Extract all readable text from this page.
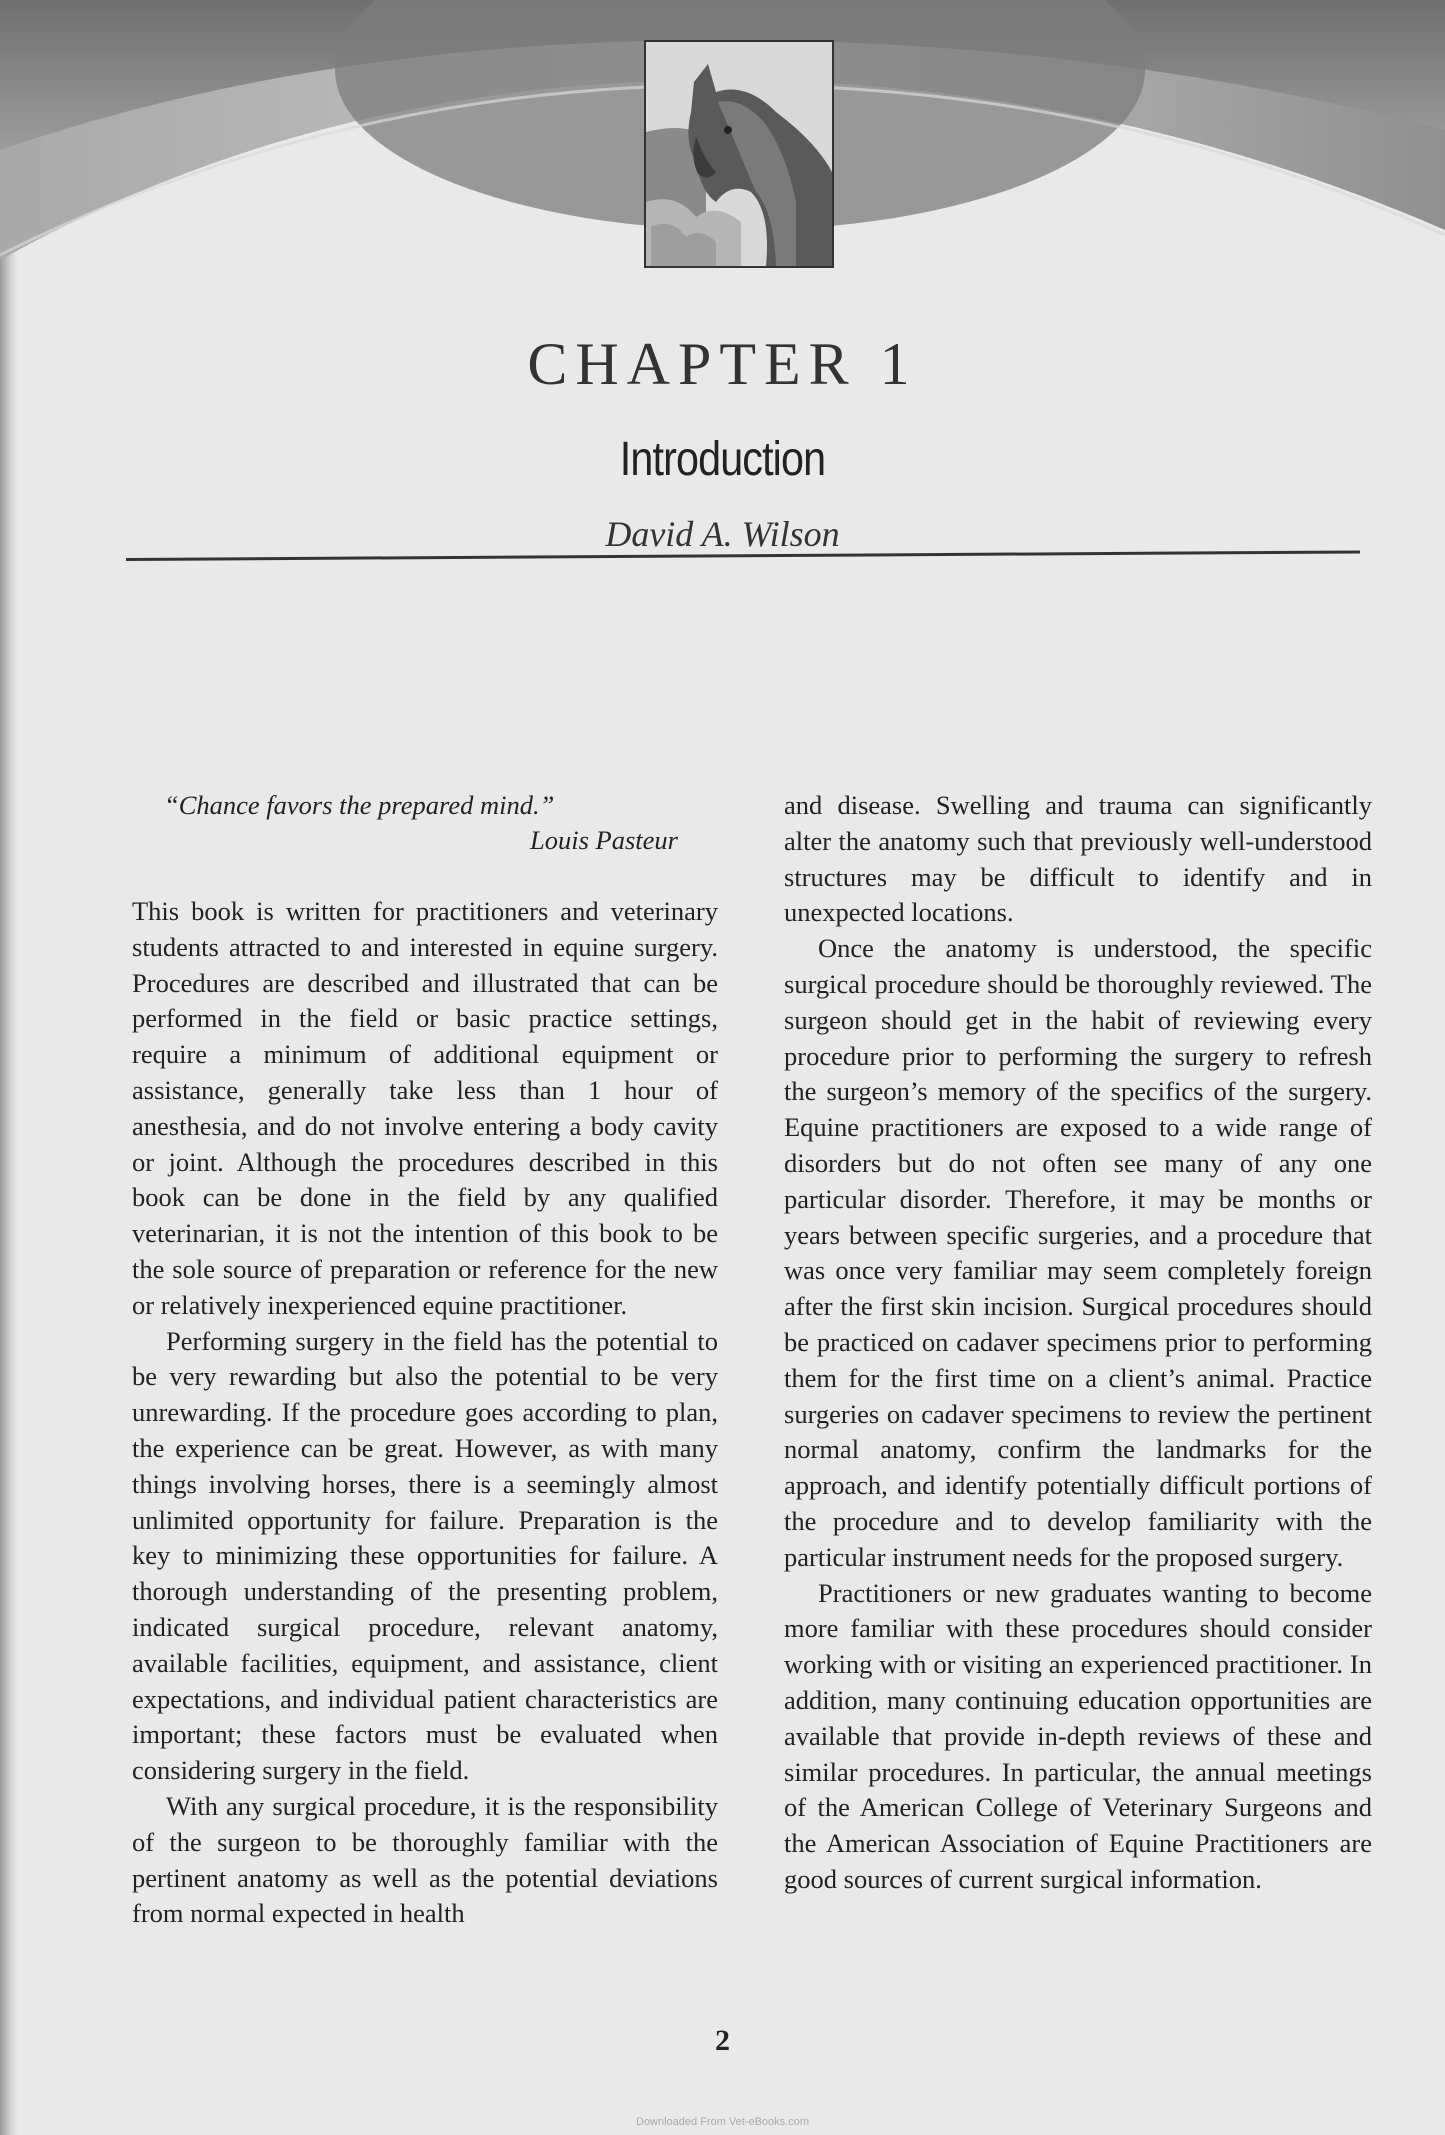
CHAPTER 1
Introduction
David A. Wilson
“Chance favors the prepared mind.”
Louis Pasteur

This book is written for practitioners and veterinary students attracted to and interested in equine surgery. Procedures are described and illustrated that can be performed in the field or basic practice settings, require a minimum of additional equipment or assistance, generally take less than 1 hour of anesthesia, and do not involve entering a body cavity or joint. Although the procedures described in this book can be done in the field by any qualified veterinarian, it is not the intention of this book to be the sole source of preparation or reference for the new or relatively inexperienced equine practitioner.

Performing surgery in the field has the potential to be very rewarding but also the potential to be very unrewarding. If the procedure goes according to plan, the experience can be great. However, as with many things involving horses, there is a seemingly almost unlimited opportunity for failure. Preparation is the key to minimizing these opportunities for failure. A thorough understanding of the presenting problem, indicated surgical procedure, relevant anatomy, available facilities, equipment, and assistance, client expectations, and individual patient characteristics are important; these factors must be evaluated when considering surgery in the field.

With any surgical procedure, it is the responsibility of the surgeon to be thoroughly familiar with the pertinent anatomy as well as the potential deviations from normal expected in health

and disease. Swelling and trauma can significantly alter the anatomy such that previously well-understood structures may be difficult to identify and in unexpected locations.

Once the anatomy is understood, the specific surgical procedure should be thoroughly reviewed. The surgeon should get in the habit of reviewing every procedure prior to performing the surgery to refresh the surgeon’s memory of the specifics of the surgery. Equine practitioners are exposed to a wide range of disorders but do not often see many of any one particular disorder. Therefore, it may be months or years between specific surgeries, and a procedure that was once very familiar may seem completely foreign after the first skin incision. Surgical procedures should be practiced on cadaver specimens prior to performing them for the first time on a client’s animal. Practice surgeries on cadaver specimens to review the pertinent normal anatomy, confirm the landmarks for the approach, and identify potentially difficult portions of the procedure and to develop familiarity with the particular instrument needs for the proposed surgery.

Practitioners or new graduates wanting to become more familiar with these procedures should consider working with or visiting an experienced practitioner. In addition, many continuing education opportunities are available that provide in-depth reviews of these and similar procedures. In particular, the annual meetings of the American College of Veterinary Surgeons and the American Association of Equine Practitioners are good sources of current surgical information.

2
Downloaded From Vet-eBooks.com
